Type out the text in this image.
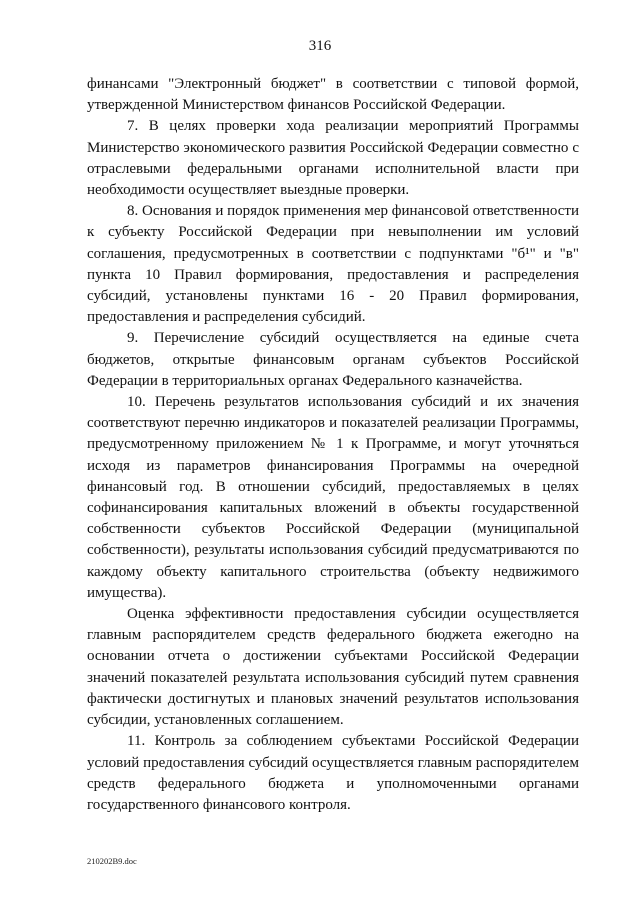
316

финансами "Электронный бюджет" в соответствии с типовой формой, утвержденной Министерством финансов Российской Федерации.

7. В целях проверки хода реализации мероприятий Программы Министерство экономического развития Российской Федерации совместно с отраслевыми федеральными органами исполнительной власти при необходимости осуществляет выездные проверки.

8. Основания и порядок применения мер финансовой ответственности к субъекту Российской Федерации при невыполнении им условий соглашения, предусмотренных в соответствии с подпунктами "б¹" и "в" пункта 10 Правил формирования, предоставления и распределения субсидий, установлены пунктами 16 - 20 Правил формирования, предоставления и распределения субсидий.

9. Перечисление субсидий осуществляется на единые счета бюджетов, открытые финансовым органам субъектов Российской Федерации в территориальных органах Федерального казначейства.

10. Перечень результатов использования субсидий и их значения соответствуют перечню индикаторов и показателей реализации Программы, предусмотренному приложением № 1 к Программе, и могут уточняться исходя из параметров финансирования Программы на очередной финансовый год. В отношении субсидий, предоставляемых в целях софинансирования капитальных вложений в объекты государственной собственности субъектов Российской Федерации (муниципальной собственности), результаты использования субсидий предусматриваются по каждому объекту капитального строительства (объекту недвижимого имущества).

Оценка эффективности предоставления субсидии осуществляется главным распорядителем средств федерального бюджета ежегодно на основании отчета о достижении субъектами Российской Федерации значений показателей результата использования субсидий путем сравнения фактически достигнутых и плановых значений результатов использования субсидии, установленных соглашением.

11. Контроль за соблюдением субъектами Российской Федерации условий предоставления субсидий осуществляется главным распорядителем средств федерального бюджета и уполномоченными органами государственного финансового контроля.

210202В9.doc
